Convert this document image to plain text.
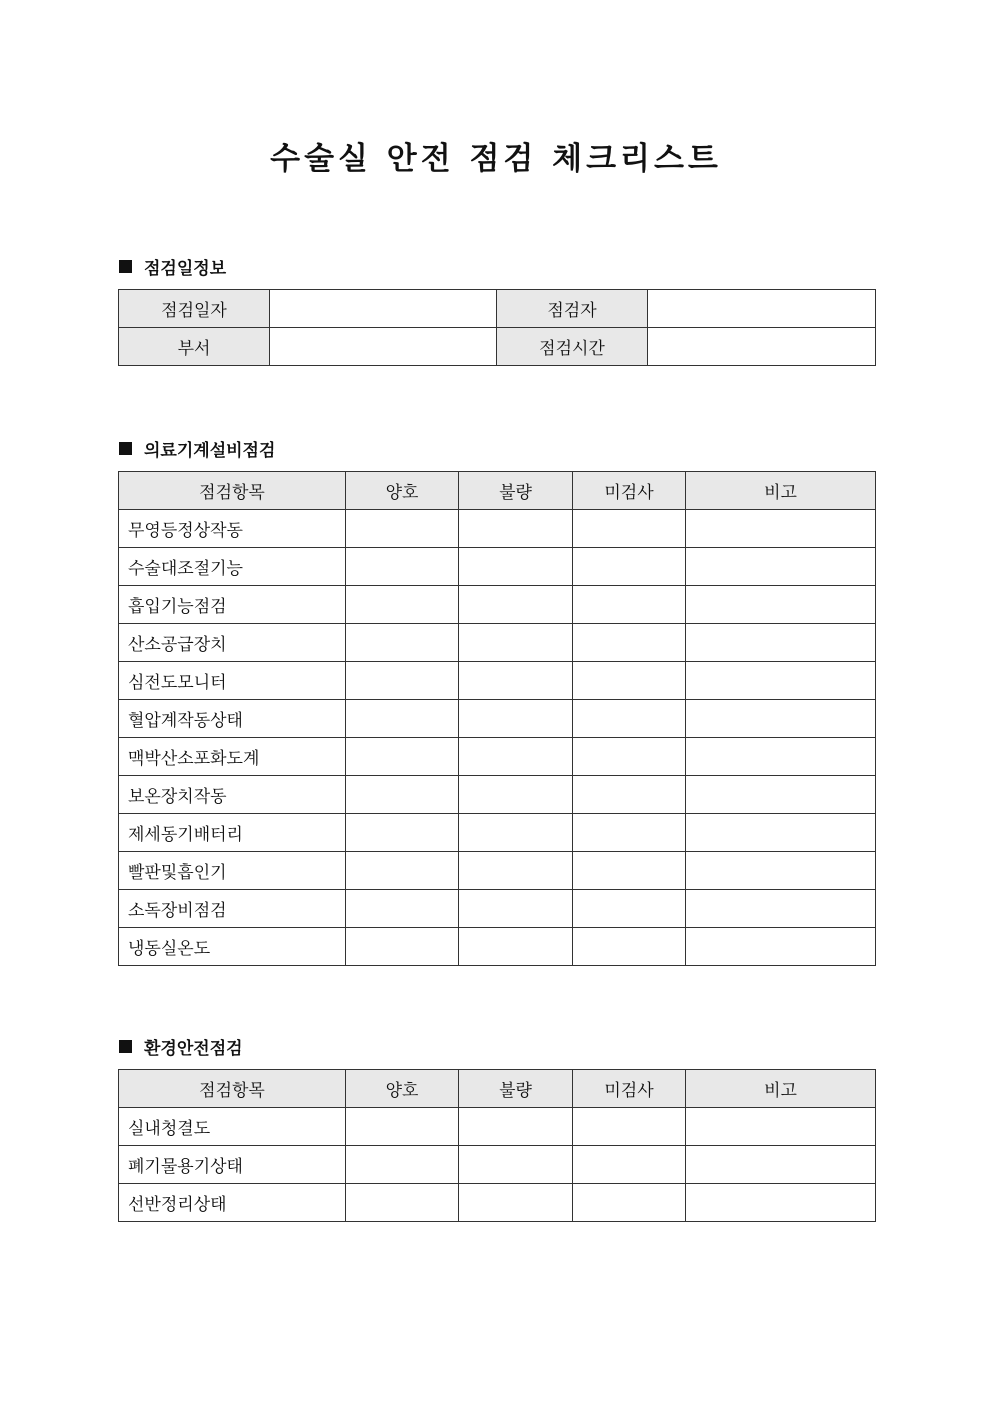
수술실 안전 점검 체크리스트
점검일정보
점검일자		점검자	
부서		점검시간	
의료기계설비점검
점검항목	양호	불량	미검사	비고
무영등정상작동				
수술대조절기능				
흡입기능점검				
산소공급장치				
심전도모니터				
혈압계작동상태				
맥박산소포화도계				
보온장치작동				
제세동기배터리				
빨판및흡인기				
소독장비점검				
냉동실온도				
환경안전점검
점검항목	양호	불량	미검사	비고
실내청결도				
폐기물용기상태				
선반정리상태				
